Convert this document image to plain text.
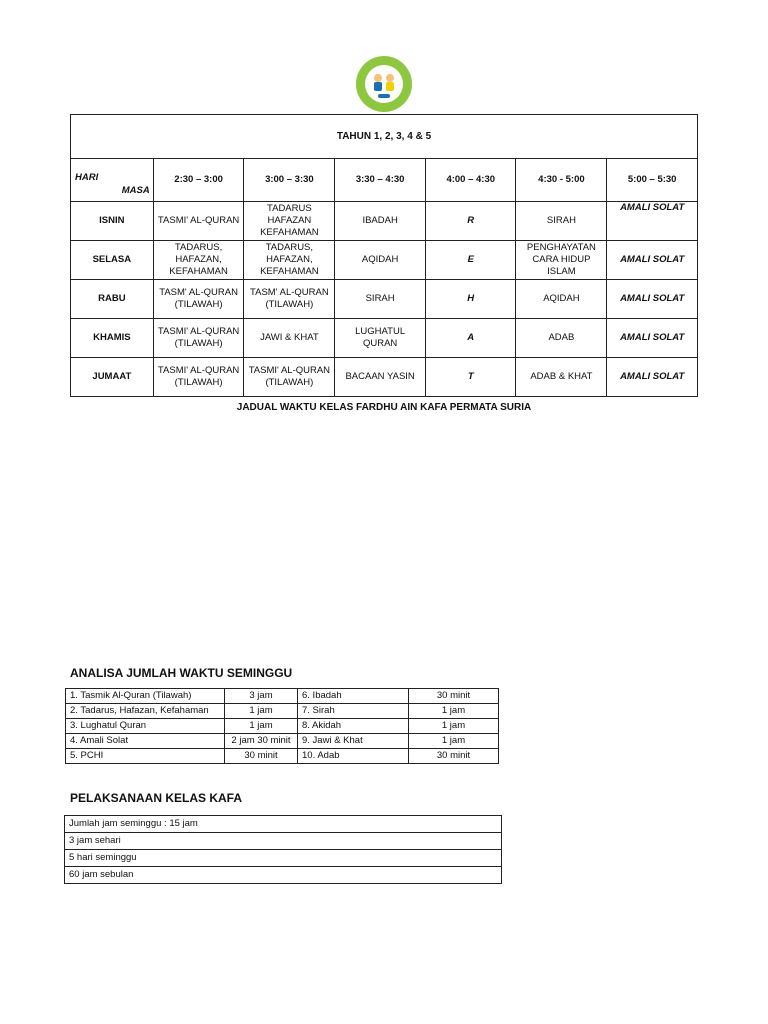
TAHUN 1, 2, 3, 4 & 5						

HARI
MASA	2:30 – 3:00	3:00 – 3:30	3:30 – 4:30	4:00 – 4:30	4:30 - 5:00	5:00 – 5:30
ISNIN	TASMI' AL-QURAN	TADARUS HAFAZAN KEFAHAMAN	IBADAH	R	SIRAH	AMALI SOLAT
SELASA	TADARUS, HAFAZAN, KEFAHAMAN	TADARUS, HAFAZAN, KEFAHAMAN	AQIDAH	E	PENGHAYATAN CARA HIDUP ISLAM	AMALI SOLAT
RABU	TASM' AL-QURAN (TILAWAH)	TASM' AL-QURAN (TILAWAH)	SIRAH	H	AQIDAH	AMALI SOLAT
KHAMIS	TASMI' AL-QURAN (TILAWAH)	JAWI & KHAT	LUGHATUL QURAN	A	ADAB	AMALI SOLAT
JUMAAT	TASMI' AL-QURAN (TILAWAH)	TASMI' AL-QURAN (TILAWAH)	BACAAN YASIN	T	ADAB & KHAT	AMALI SOLAT
JADUAL WAKTU KELAS FARDHU AIN KAFA PERMATA SURIA
ANALISA JUMLAH WAKTU SEMINGGU
1. Tasmik Al-Quran (Tilawah)	3 jam	6. Ibadah	30 minit
2. Tadarus, Hafazan, Kefahaman	1 jam	7. Sirah	1 jam
3. Lughatul Quran	1 jam	8. Akidah	1 jam
4. Amali Solat	2 jam 30 minit	9. Jawi & Khat	1 jam
5. PCHI	30 minit	10. Adab	30 minit
PELAKSANAAN KELAS KAFA
Jumlah jam seminggu : 15 jam
3 jam sehari
5 hari seminggu
60 jam sebulan
